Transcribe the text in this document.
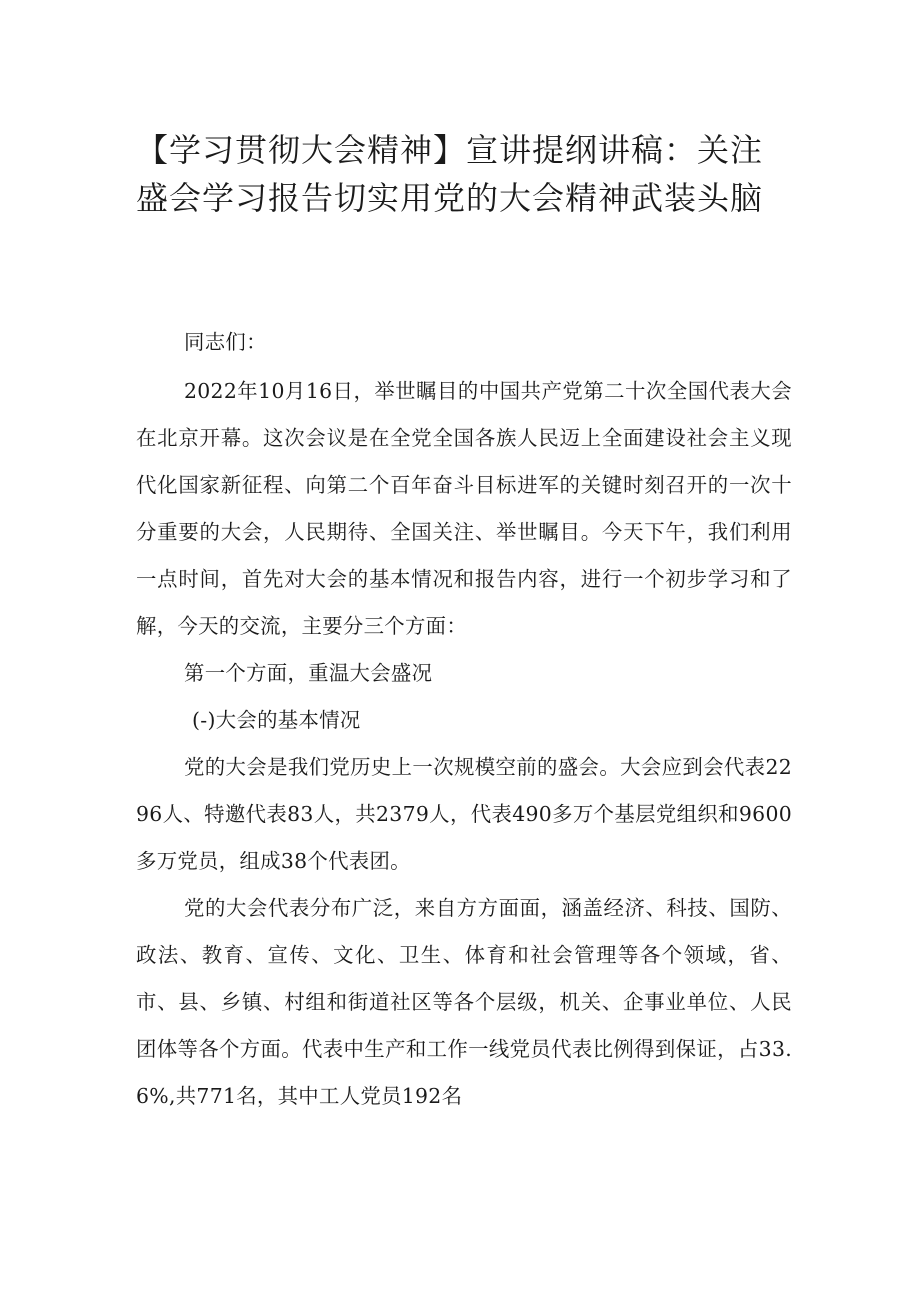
【学习贯彻大会精神】宣讲提纲讲稿：关注盛会学习报告切实用党的大会精神武装头脑

同志们：

2022年10月16日，举世瞩目的中国共产党第二十次全国代表大会在北京开幕。这次会议是在全党全国各族人民迈上全面建设社会主义现代化国家新征程、向第二个百年奋斗目标进军的关键时刻召开的一次十分重要的大会，人民期待、全国关注、举世瞩目。今天下午，我们利用一点时间，首先对大会的基本情况和报告内容，进行一个初步学习和了解，今天的交流，主要分三个方面：

第一个方面，重温大会盛况

(-)大会的基本情况

党的大会是我们党历史上一次规模空前的盛会。大会应到会代表2296人、特邀代表83人，共2379人，代表490多万个基层党组织和9600多万党员，组成38个代表团。

党的大会代表分布广泛，来自方方面面，涵盖经济、科技、国防、政法、教育、宣传、文化、卫生、体育和社会管理等各个领域，省、市、县、乡镇、村组和街道社区等各个层级，机关、企事业单位、人民团体等各个方面。代表中生产和工作一线党员代表比例得到保证，占33.6%,共771名，其中工人党员192名
